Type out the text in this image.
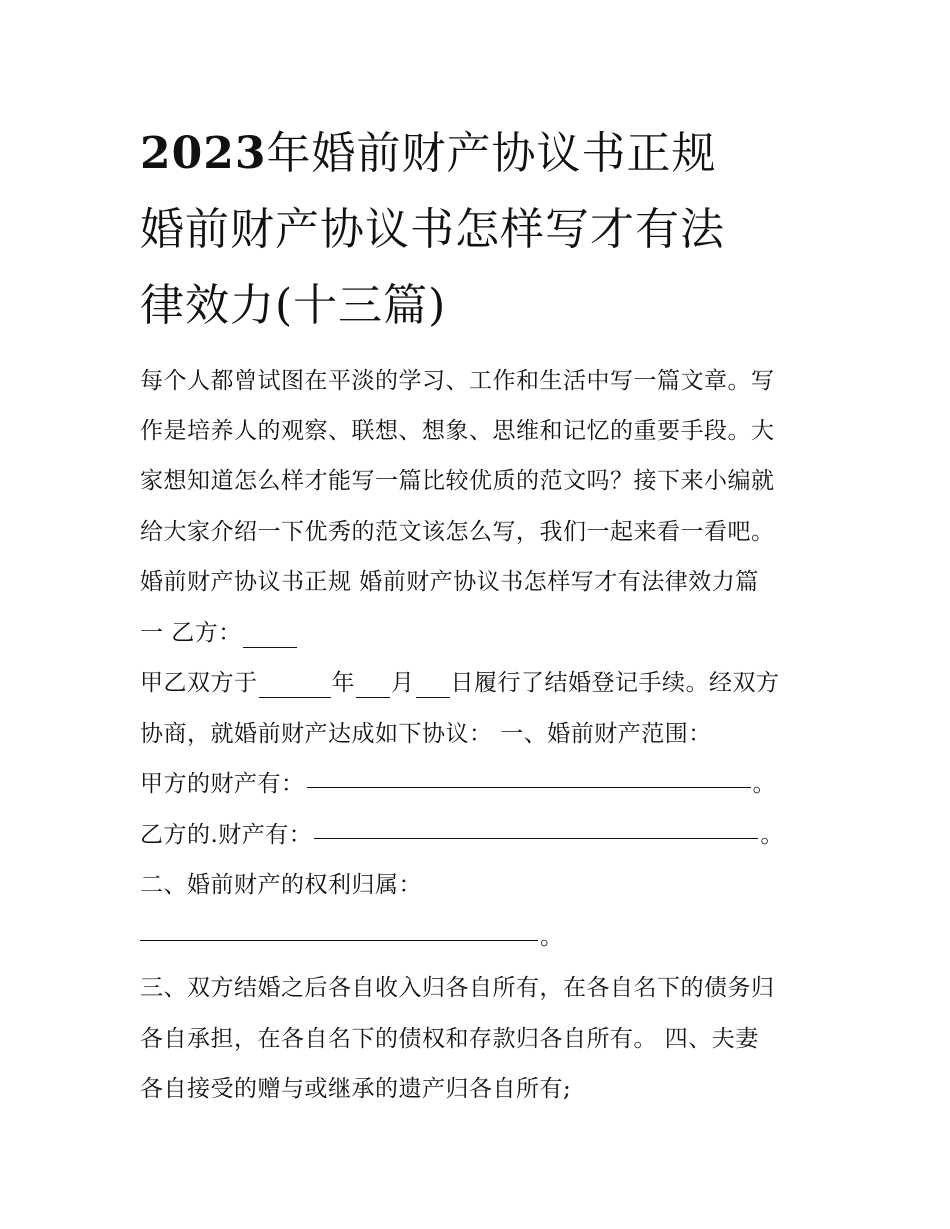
2023年婚前财产协议书正规
婚前财产协议书怎样写才有法
律效力(十三篇)
每个人都曾试图在平淡的学习、工作和生活中写一篇文章。写
作是培养人的观察、联想、想象、思维和记忆的重要手段。大
家想知道怎么样才能写一篇比较优质的范文吗？接下来小编就
给大家介绍一下优秀的范文该怎么写，我们一起来看一看吧。
婚前财产协议书正规 婚前财产协议书怎样写才有法律效力篇
一 乙方：
甲乙双方于	年 月 日履行了结婚登记手续。经双方
协商，就婚前财产达成如下协议： 一、婚前财产范围：
甲方的财产有：	。
乙方的.财产有：	。
二、婚前财产的权利归属：
。
三、双方结婚之后各自收入归各自所有，在各自名下的债务归
各自承担，在各自名下的债权和存款归各自所有。 四、夫妻
各自接受的赠与或继承的遗产归各自所有;
